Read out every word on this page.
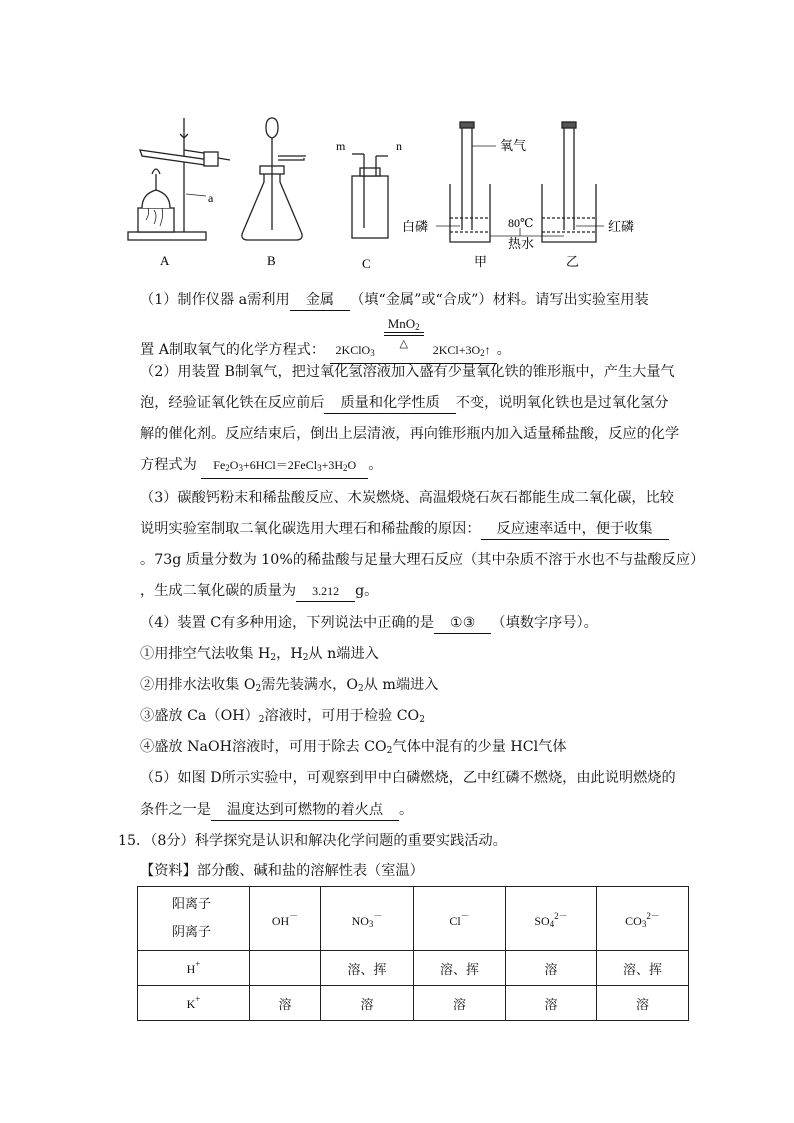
a
A	B
m	n
C
氧气
白磷	80℃
热水
红磷
甲	乙
（1）制作仪器 a需利用 金属 （填“金属”或“合成”）材料。请写出实验室用装
置 A制取氧气的化学方程式： 2KClO$_3$
MnO$_2$
△	$2KCl+3O_2↑$ 。
（2）用装置 B制氧气，把过氧化氢溶液加入盛有少量氧化铁的锥形瓶中，产生大量气
泡，经验证氧化铁在反应前后 质量和化学性质 不变，说明氧化铁也是过氧化氢分
解的催化剂。反应结束后，倒出上层清液，再向锥形瓶内加入适量稀盐酸，反应的化学
方程式为 $Fe_2O_3+6HCl=2FeCl_3+3H_2O$ 。
（3）碳酸钙粉末和稀盐酸反应、木炭燃烧、高温煅烧石灰石都能生成二氧化碳，比较
说明实验室制取二氧化碳选用大理石和稀盐酸的原因： 反应速率适中，便于收集
。73g 质量分数为 10%的稀盐酸与足量大理石反应（其中杂质不溶于水也不与盐酸反应）
，生成二氧化碳的质量为 3.212 g。
（4）装置 C有多种用途，下列说法中正确的是 ①③ （填数字序号）。
①用排空气法收集 $H_2$，$H_2$从 n端进入
②用排水法收集 $O_2$需先装满水，$O_2$从 m端进入
③盛放 $Ca(OH)_2$溶液时，可用于检验 $CO_2$
④盛放 NaOH溶液时，可用于除去 $CO_2$气体中混有的少量 HCl气体
（5）如图 D所示实验中，可观察到甲中白磷燃烧，乙中红磷不燃烧，由此说明燃烧的
条件之一是 温度达到可燃物的着火点 。
15．（8分）科学探究是认识和解决化学问题的重要实践活动。
【资料】部分酸、碱和盐的溶解性表（室温）
阳离子
阴离子	OH－	$NO_3^-$	Cl－	$SO_4^{2-}$	$CO_3^{2-}$
H+		溶、挥	溶、挥	溶	溶、挥
K+	溶	溶	溶	溶	溶
